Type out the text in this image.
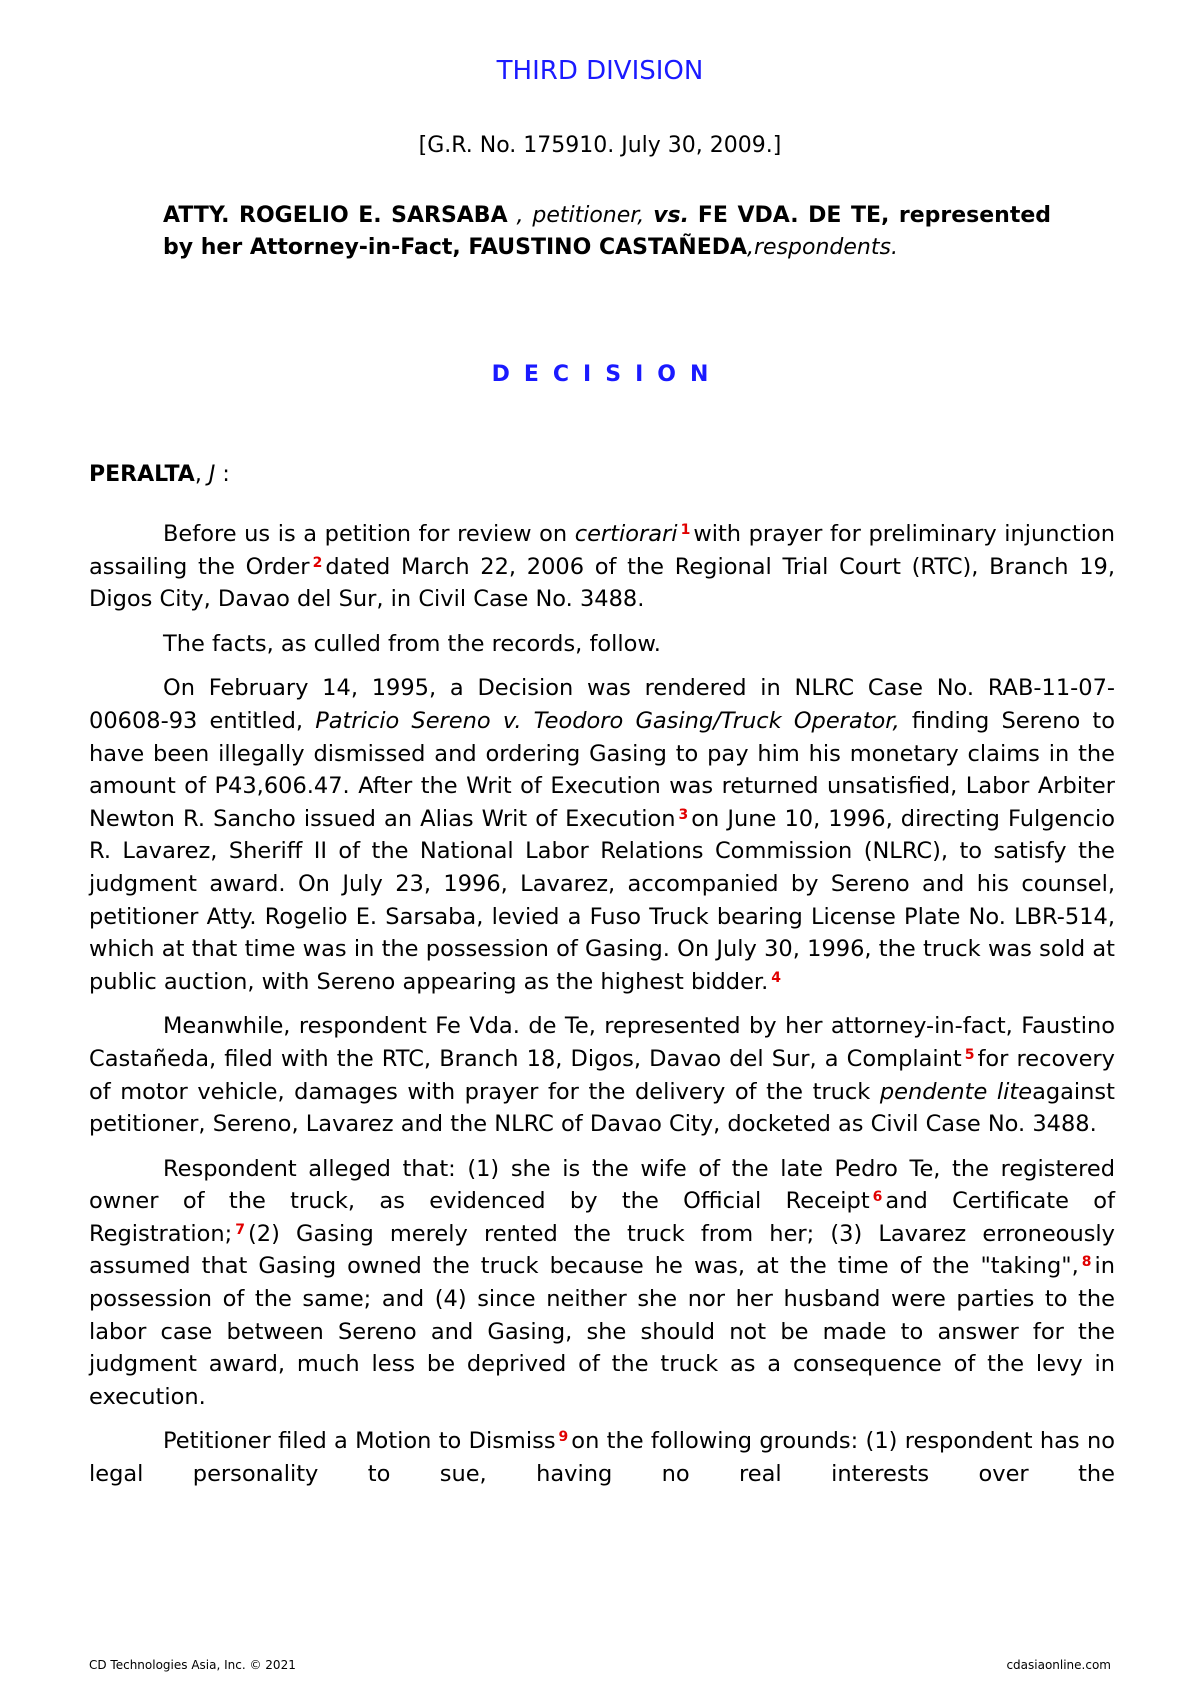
THIRD DIVISION
[G.R. No. 175910. July 30, 2009.]
ATTY. ROGELIO E. SARSABA , petitioner, vs. FE VDA. DE TE, represented by her Attorney-in-Fact, FAUSTINO CASTAÑEDA,respondents.
DECISION
PERALTA, J :

Before us is a petition for review on certiorari $^1$ with prayer for preliminary injunction assailing the Order $^2$ dated March 22, 2006 of the Regional Trial Court (RTC), Branch 19, Digos City, Davao del Sur, in Civil Case No. 3488.

The facts, as culled from the records, follow.

On February 14, 1995, a Decision was rendered in NLRC Case No. RAB-11-07-00608-93 entitled, Patricio Sereno v. Teodoro Gasing/Truck Operator, finding Sereno to have been illegally dismissed and ordering Gasing to pay him his monetary claims in the amount of P43,606.47. After the Writ of Execution was returned unsatisfied, Labor Arbiter Newton R. Sancho issued an Alias Writ of Execution $^3$ on June 10, 1996, directing Fulgencio R. Lavarez, Sheriff II of the National Labor Relations Commission (NLRC), to satisfy the judgment award. On July 23, 1996, Lavarez, accompanied by Sereno and his counsel, petitioner Atty. Rogelio E. Sarsaba, levied a Fuso Truck bearing License Plate No. LBR-514, which at that time was in the possession of Gasing. On July 30, 1996, the truck was sold at public auction, with Sereno appearing as the highest bidder. $^4$

Meanwhile, respondent Fe Vda. de Te, represented by her attorney-in-fact, Faustino Castañeda, filed with the RTC, Branch 18, Digos, Davao del Sur, a Complaint $^5$ for recovery of motor vehicle, damages with prayer for the delivery of the truck pendente liteagainst petitioner, Sereno, Lavarez and the NLRC of Davao City, docketed as Civil Case No. 3488.

Respondent alleged that: (1) she is the wife of the late Pedro Te, the registered owner of the truck, as evidenced by the Official Receipt $^6$ and Certificate of Registration; $^7$ (2) Gasing merely rented the truck from her; (3) Lavarez erroneously assumed that Gasing owned the truck because he was, at the time of the "taking", $^8$ in possession of the same; and (4) since neither she nor her husband were parties to the labor case between Sereno and Gasing, she should not be made to answer for the judgment award, much less be deprived of the truck as a consequence of the levy in execution.

Petitioner filed a Motion to Dismiss $^9$ on the following grounds: (1) respondent has no legal personality to sue, having no real interests over the

CD Technologies Asia, Inc. © 2021	cdasiaonline.com
